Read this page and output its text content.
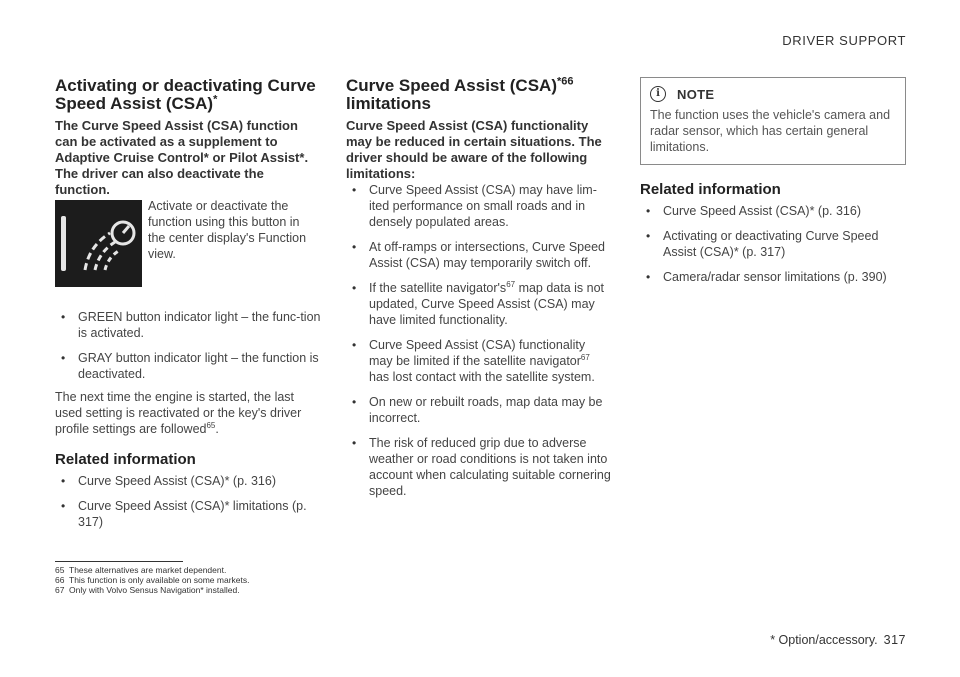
DRIVER SUPPORT
Activating or deactivating Curve Speed Assist (CSA)*

The Curve Speed Assist (CSA) function can be activated as a supplement to Adaptive Cruise Control* or Pilot Assist*. The driver can also deactivate the function.

Activate or deactivate the function using this button in the center display's Function view.
• GREEN button indicator light – the func-tion is activated.
• GRAY button indicator light – the function is deactivated.

The next time the engine is started, the last used setting is reactivated or the key's driver profile settings are followed$^{65}$.

Related information
• Curve Speed Assist (CSA)* (p. 316)
• Curve Speed Assist (CSA)* limitations (p. 317)
Curve Speed Assist (CSA)$^{*66}$
limitations

Curve Speed Assist (CSA) functionality may be reduced in certain situations. The driver should be aware of the following limitations:

• Curve Speed Assist (CSA) may have lim-ited performance on small roads and in densely populated areas.
• At off-ramps or intersections, Curve Speed Assist (CSA) may temporarily switch off.
• If the satellite $navigator's^{67}$ map data is not updated, Curve Speed Assist (CSA) may have limited functionality.
• Curve Speed Assist (CSA) functionality may be limited if the satellite navigator$^{67}$ has lost contact with the satellite system.
• On new or rebuilt roads, map data may be incorrect.
• The risk of reduced grip due to adverse weather or road conditions is not taken into account when calculating suitable cornering speed.
i	NOTE

The function uses the vehicle's camera and radar sensor, which has certain general limitations.

Related information
• Curve Speed Assist (CSA)* (p. 316)
• Activating or deactivating Curve Speed Assist (CSA)* (p. 317)
• Camera/radar sensor limitations (p. 390)
65 These alternatives are market dependent.
66 This function is only available on some markets.
67 Only with Volvo Sensus Navigation* installed.
* Option/accessory. 317
